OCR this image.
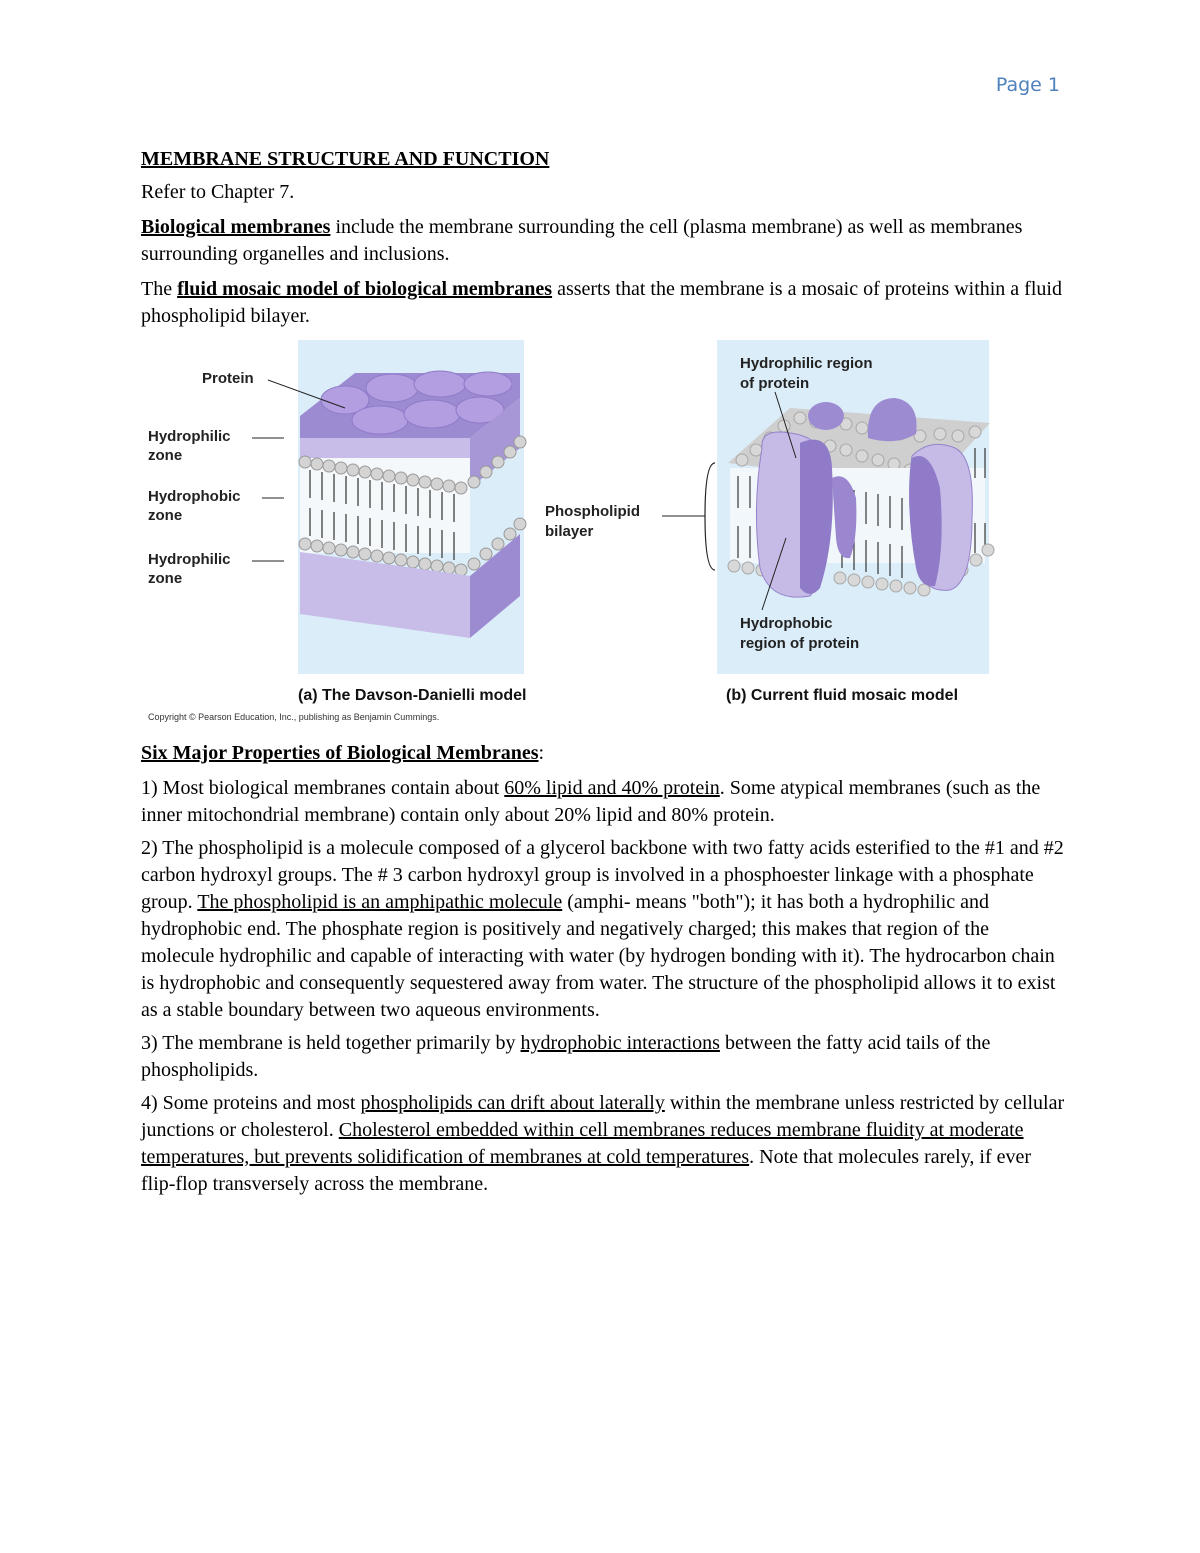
Page 1

MEMBRANE STRUCTURE AND FUNCTION

Refer to Chapter 7.

Biological membranes include the membrane surrounding the cell (plasma membrane) as well as membranes surrounding organelles and inclusions.

The fluid mosaic model of biological membranes asserts that the membrane is a mosaic of proteins within a fluid phospholipid bilayer.

Protein
Hydrophilic
zone
Hydrophobic
zone
Hydrophilic
zone
(a) The Davson-Danielli model
Copyright © Pearson Education, Inc., publishing as Benjamin Cummings.
Phospholipid
bilayer
Hydrophilic region
of protein
Hydrophobic
region of protein
(b) Current fluid mosaic model

Six Major Properties of Biological Membranes:

1) Most biological membranes contain about 60% lipid and 40% protein. Some atypical membranes (such as the inner mitochondrial membrane) contain only about 20% lipid and 80% protein.

2) The phospholipid is a molecule composed of a glycerol backbone with two fatty acids esterified to the #1 and #2 carbon hydroxyl groups. The # 3 carbon hydroxyl group is involved in a phosphoester linkage with a phosphate group. The phospholipid is an amphipathic molecule (amphi- means "both"); it has both a hydrophilic and hydrophobic end. The phosphate region is positively and negatively charged; this makes that region of the molecule hydrophilic and capable of interacting with water (by hydrogen bonding with it). The hydrocarbon chain is hydrophobic and consequently sequestered away from water. The structure of the phospholipid allows it to exist as a stable boundary between two aqueous environments.

3) The membrane is held together primarily by hydrophobic interactions between the fatty acid tails of the phospholipids.

4) Some proteins and most phospholipids can drift about laterally within the membrane unless restricted by cellular junctions or cholesterol. Cholesterol embedded within cell membranes reduces membrane fluidity at moderate temperatures, but prevents solidification of membranes at cold temperatures. Note that molecules rarely, if ever flip-flop transversely across the membrane.
